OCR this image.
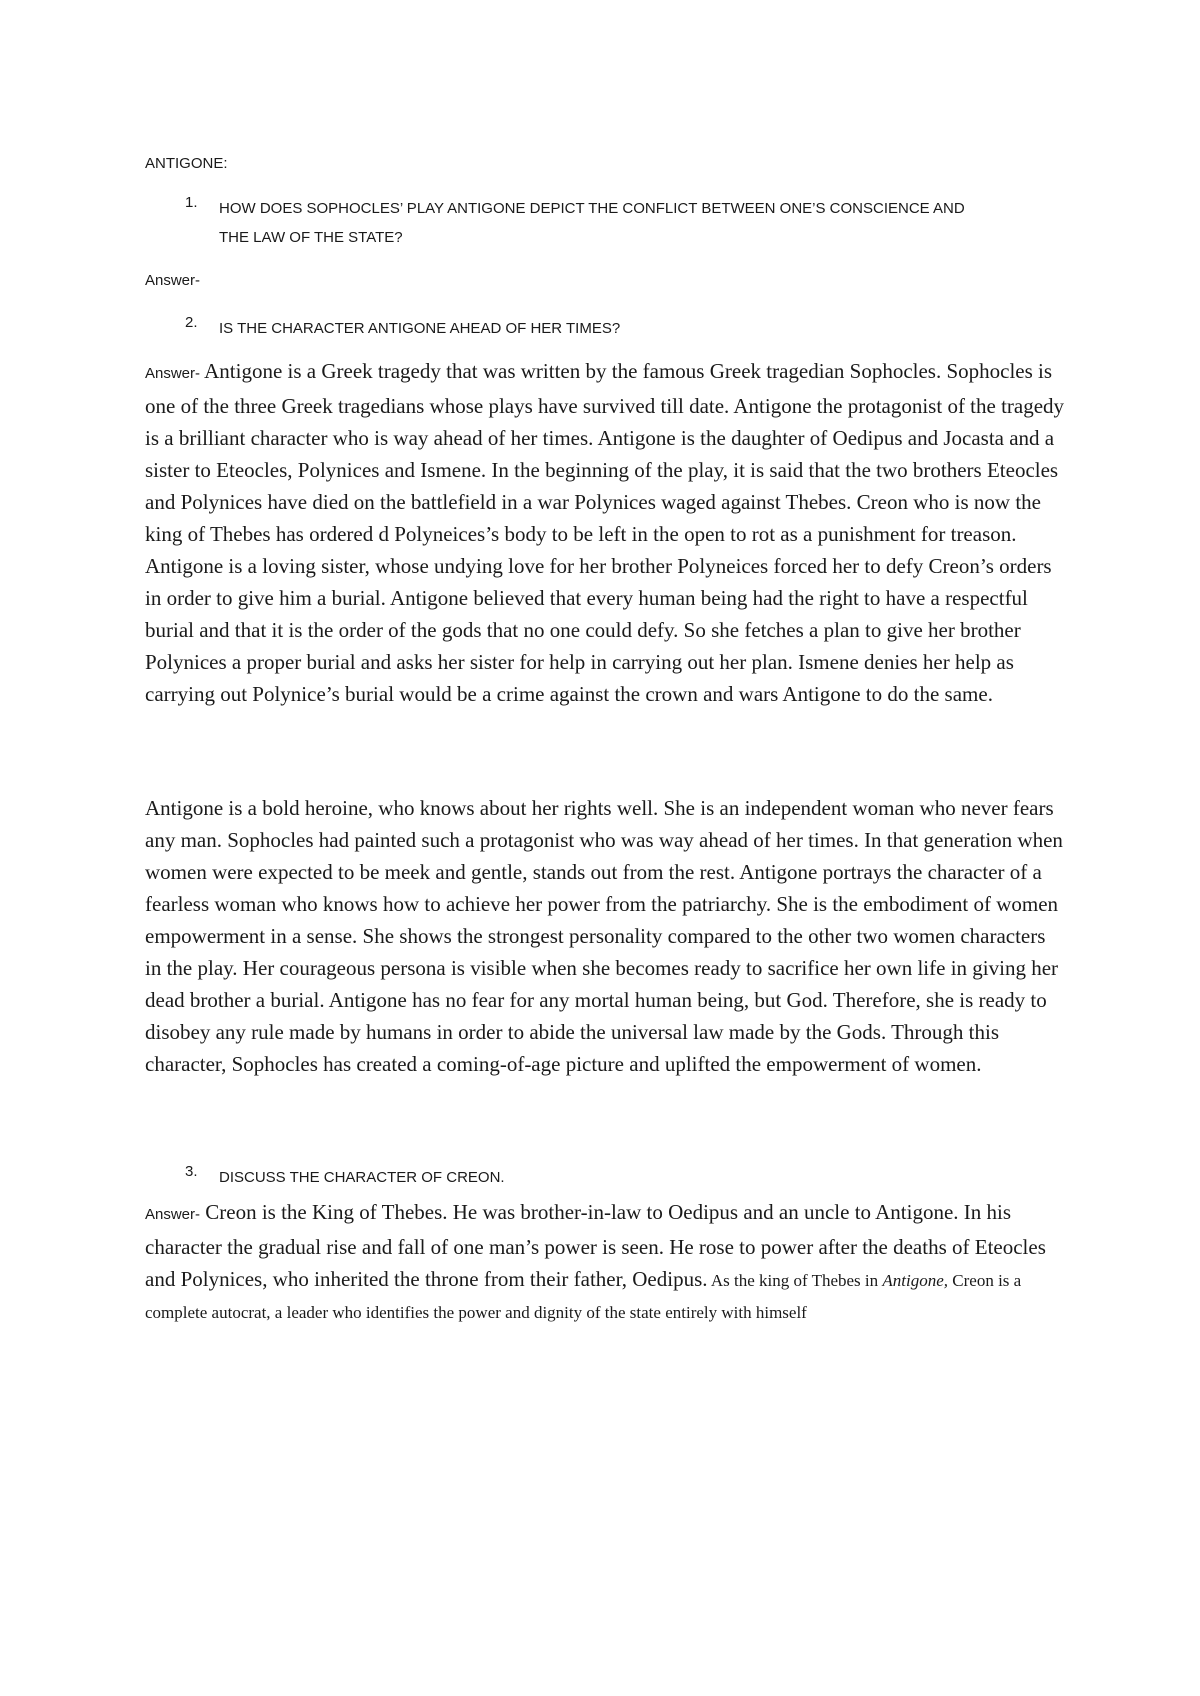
ANTIGONE:
1. HOW DOES SOPHOCLES’ PLAY ANTIGONE DEPICT THE CONFLICT BETWEEN ONE’S CONSCIENCE AND THE LAW OF THE STATE?
Answer-
2. IS THE CHARACTER ANTIGONE AHEAD OF HER TIMES?

Answer- Antigone is a Greek tragedy that was written by the famous Greek tragedian Sophocles. Sophocles is one of the three Greek tragedians whose plays have survived till date. Antigone the protagonist of the tragedy is a brilliant character who is way ahead of her times. Antigone is the daughter of Oedipus and Jocasta and a sister to Eteocles, Polynices and Ismene. In the beginning of the play, it is said that the two brothers Eteocles and Polynices have died on the battlefield in a war Polynices waged against Thebes. Creon who is now the king of Thebes has ordered d Polyneices’s body to be left in the open to rot as a punishment for treason. Antigone is a loving sister, whose undying love for her brother Polyneices forced her to defy Creon’s orders in order to give him a burial. Antigone believed that every human being had the right to have a respectful burial and that it is the order of the gods that no one could defy. So she fetches a plan to give her brother Polynices a proper burial and asks her sister for help in carrying out her plan. Ismene denies her help as carrying out Polynice’s burial would be a crime against the crown and wars Antigone to do the same.

Antigone is a bold heroine, who knows about her rights well. She is an independent woman who never fears any man. Sophocles had painted such a protagonist who was way ahead of her times. In that generation when women were expected to be meek and gentle, stands out from the rest. Antigone portrays the character of a fearless woman who knows how to achieve her power from the patriarchy. She is the embodiment of women empowerment in a sense. She shows the strongest personality compared to the other two women characters in the play. Her courageous persona is visible when she becomes ready to sacrifice her own life in giving her dead brother a burial. Antigone has no fear for any mortal human being, but God. Therefore, she is ready to disobey any rule made by humans in order to abide the universal law made by the Gods. Through this character, Sophocles has created a coming-of-age picture and uplifted the empowerment of women.

3. DISCUSS THE CHARACTER OF CREON.

Answer- Creon is the King of Thebes. He was brother-in-law to Oedipus and an uncle to Antigone. In his character the gradual rise and fall of one man’s power is seen. He rose to power after the deaths of Eteocles and Polynices, who inherited the throne from their father, Oedipus. As the king of Thebes in Antigone, Creon is a complete autocrat, a leader who identifies the power and dignity of the state entirely with himself
